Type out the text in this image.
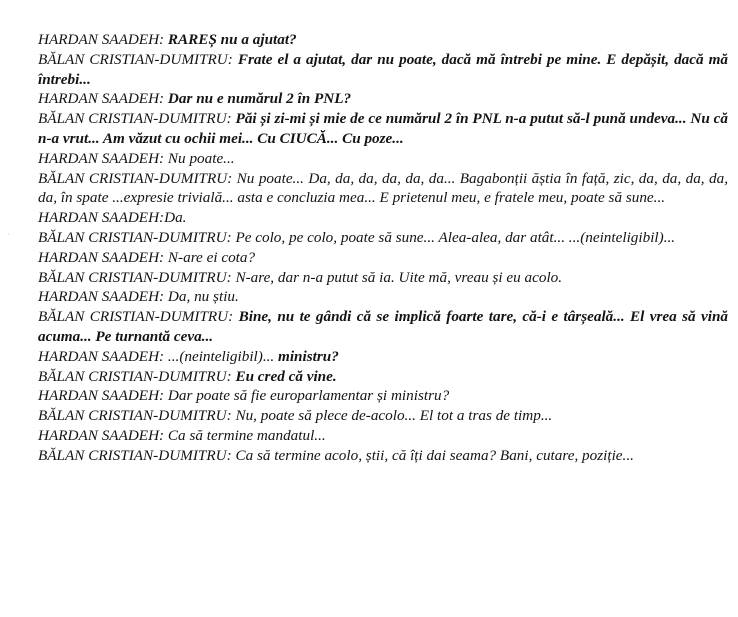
·

HARDAN SAADEH: RAREȘ nu a ajutat?

BĂLAN CRISTIAN-DUMITRU: Frate el a ajutat, dar nu poate, dacă mă întrebi pe mine. E depășit, dacă mă întrebi...

HARDAN SAADEH: Dar nu e numărul 2 în PNL?

BĂLAN CRISTIAN-DUMITRU: Păi și zi-mi și mie de ce numărul 2 în PNL n-a putut să-l pună undeva... Nu că n-a vrut... Am văzut cu ochii mei... Cu CIUCĂ... Cu poze...

HARDAN SAADEH: Nu poate...

BĂLAN CRISTIAN-DUMITRU: Nu poate... Da, da, da, da, da, da... Bagabonții ăștia în față, zic, da, da, da, da, da, în spate ...expresie trivială... asta e concluzia mea... E prietenul meu, e fratele meu, poate să sune...

HARDAN SAADEH:Da.

BĂLAN CRISTIAN-DUMITRU: Pe colo, pe colo, poate să sune... Alea-alea, dar atât... ...(neinteligibil)...

HARDAN SAADEH: N-are ei cota?

BĂLAN CRISTIAN-DUMITRU: N-are, dar n-a putut să ia. Uite mă, vreau și eu acolo.

HARDAN SAADEH: Da, nu știu.

BĂLAN CRISTIAN-DUMITRU: Bine, nu te gândi că se implică foarte tare, că-i e târșeală... El vrea să vină acuma... Pe turnantă ceva...

HARDAN SAADEH: ...(neinteligibil)... ministru?

BĂLAN CRISTIAN-DUMITRU: Eu cred că vine.

HARDAN SAADEH: Dar poate să fie europarlamentar și ministru?

BĂLAN CRISTIAN-DUMITRU: Nu, poate să plece de-acolo... El tot a tras de timp...

HARDAN SAADEH: Ca să termine mandatul...

BĂLAN CRISTIAN-DUMITRU: Ca să termine acolo, știi, că îți dai seama? Bani, cutare, poziție...
